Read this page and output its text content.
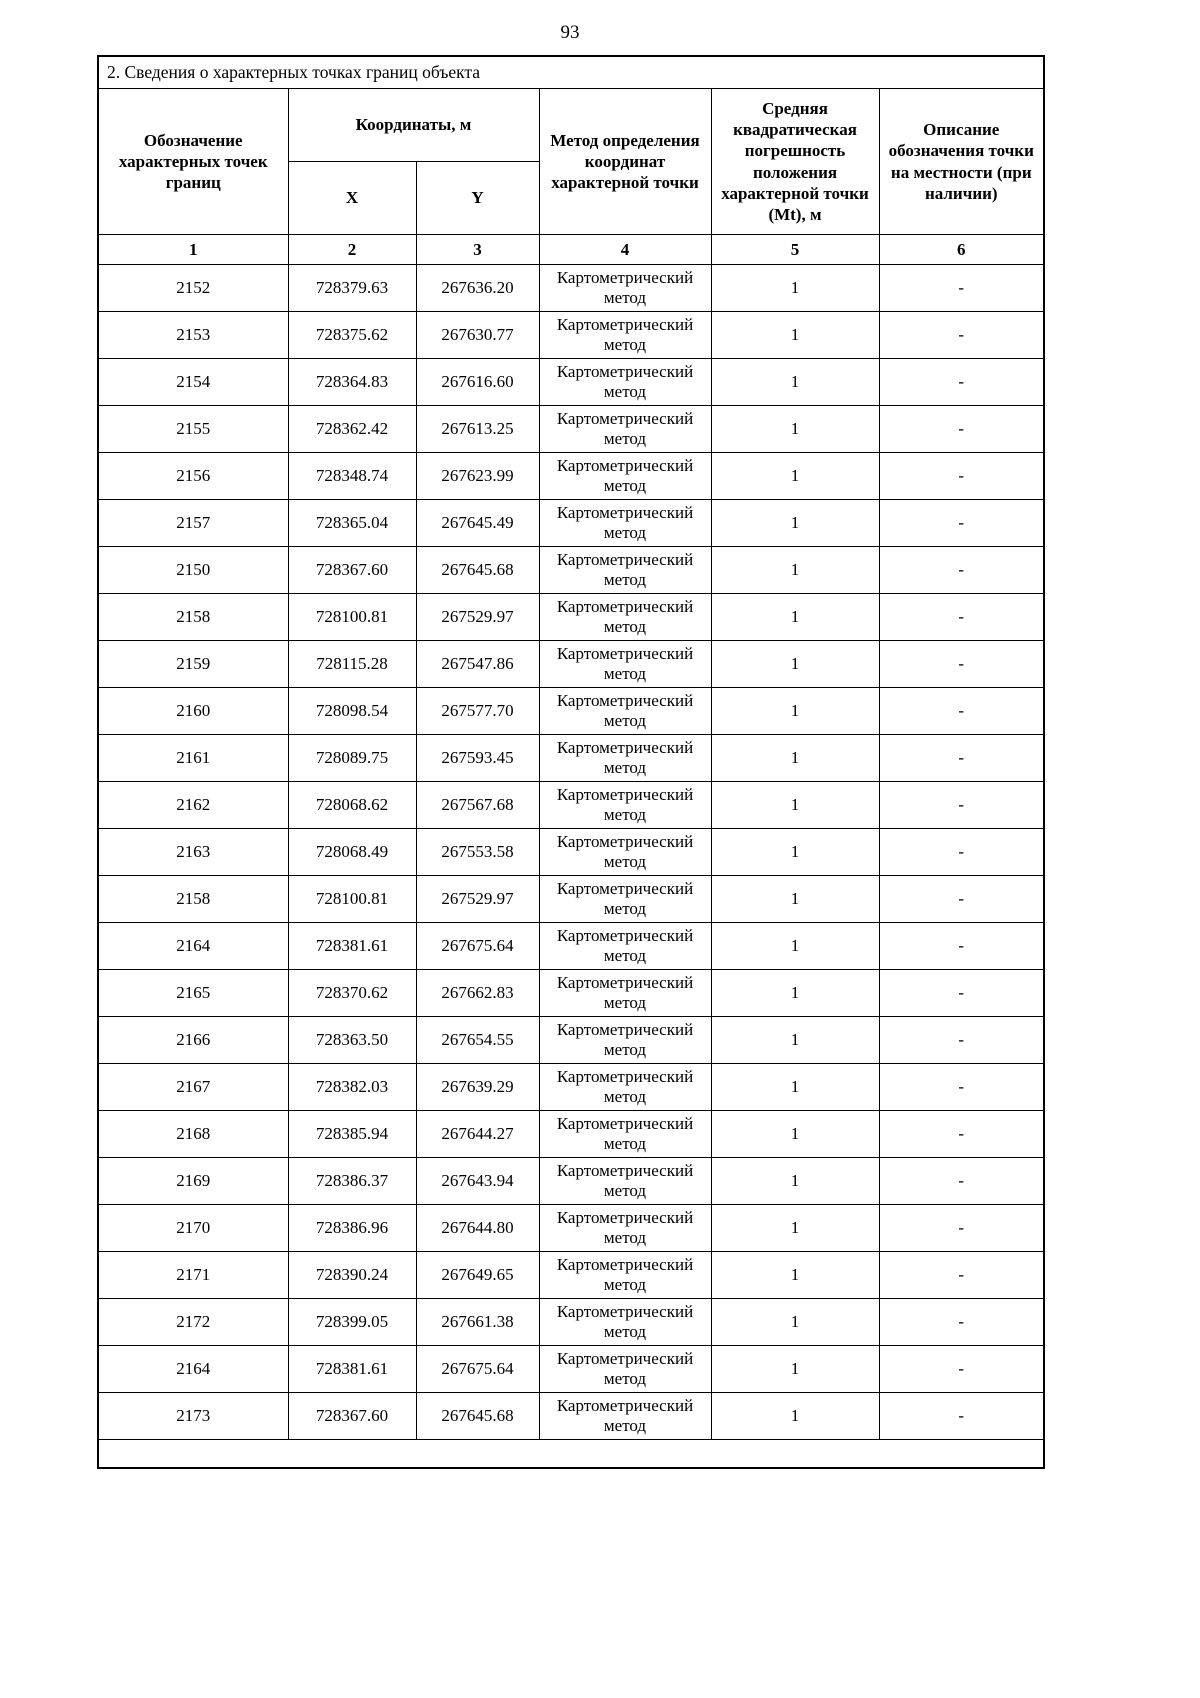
93
2. Сведения о характерных точках границ объекта					
Обозначение характерных точек границ	Координаты, м		Метод определения координат характерной точки	Средняя квадратическая погрешность положения характерной точки (Mt), м	Описание обозначения точки на местности (при наличии)
	X	Y			
1	2	3	4	5	6
2152	728379.63	267636.20	Картометрический метод	1	-
2153	728375.62	267630.77	Картометрический метод	1	-
2154	728364.83	267616.60	Картометрический метод	1	-
2155	728362.42	267613.25	Картометрический метод	1	-
2156	728348.74	267623.99	Картометрический метод	1	-
2157	728365.04	267645.49	Картометрический метод	1	-
2150	728367.60	267645.68	Картометрический метод	1	-
2158	728100.81	267529.97	Картометрический метод	1	-
2159	728115.28	267547.86	Картометрический метод	1	-
2160	728098.54	267577.70	Картометрический метод	1	-
2161	728089.75	267593.45	Картометрический метод	1	-
2162	728068.62	267567.68	Картометрический метод	1	-
2163	728068.49	267553.58	Картометрический метод	1	-
2158	728100.81	267529.97	Картометрический метод	1	-
2164	728381.61	267675.64	Картометрический метод	1	-
2165	728370.62	267662.83	Картометрический метод	1	-
2166	728363.50	267654.55	Картометрический метод	1	-
2167	728382.03	267639.29	Картометрический метод	1	-
2168	728385.94	267644.27	Картометрический метод	1	-
2169	728386.37	267643.94	Картометрический метод	1	-
2170	728386.96	267644.80	Картометрический метод	1	-
2171	728390.24	267649.65	Картометрический метод	1	-
2172	728399.05	267661.38	Картометрический метод	1	-
2164	728381.61	267675.64	Картометрический метод	1	-
2173	728367.60	267645.68	Картометрический метод	1	-
